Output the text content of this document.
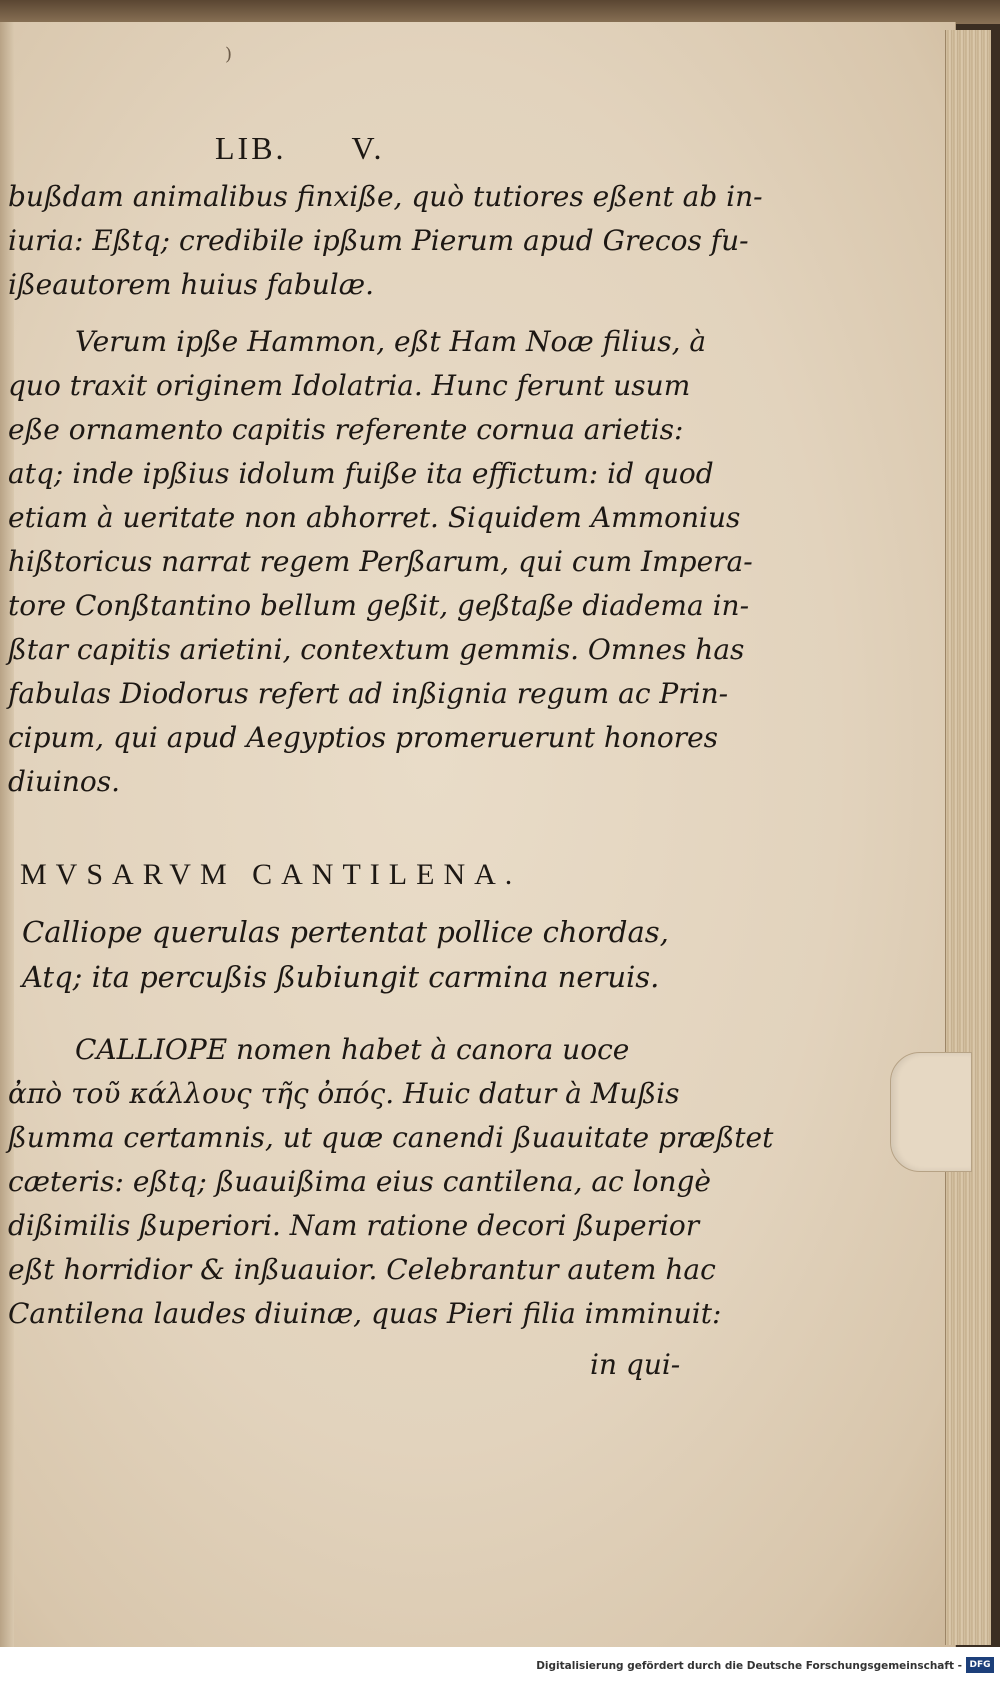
)
LIB. V.
bußdam animalibus finxiße, quò tutiores eßent ab in-
iuria: Eßtq; credibile ipßum Pierum apud Grecos fu-
ißeautorem huius fabulæ.
Verum ipße Hammon, eßt Ham Noæ filius, à
quo traxit originem Idolatria. Hunc ferunt usum
eße ornamento capitis referente cornua arietis:
atq; inde ipßius idolum fuiße ita effictum: id quod
etiam à ueritate non abhorret. Siquidem Ammonius
hißtoricus narrat regem Perßarum, qui cum Impera-
tore Conßtantino bellum geßit, geßtaße diadema in-
ßtar capitis arietini, contextum gemmis. Omnes has
fabulas Diodorus refert ad inßignia regum ac Prin-
cipum, qui apud Aegyptios promeruerunt honores
diuinos.
MVSARVM CANTILENA.
Calliope querulas pertentat pollice chordas,
Atq; ita percußis ßubiungit carmina neruis.
CALLIOPE nomen habet à canora uoce
ἀπὸ τοῦ κάλλους τῆς ὀπός. Huic datur à Mußis
ßumma certamnis, ut quæ canendi ßuauitate præßtet
cæteris: eßtq; ßuauißima eius cantilena, ac longè
dißimilis ßuperiori. Nam ratione decori ßuperior
eßt horridior & inßuauior. Celebrantur autem hac
Cantilena laudes diuinæ, quas Pieri filia imminuit:
in qui-
Digitalisierung gefördert durch die Deutsche Forschungsgemeinschaft - DFG
